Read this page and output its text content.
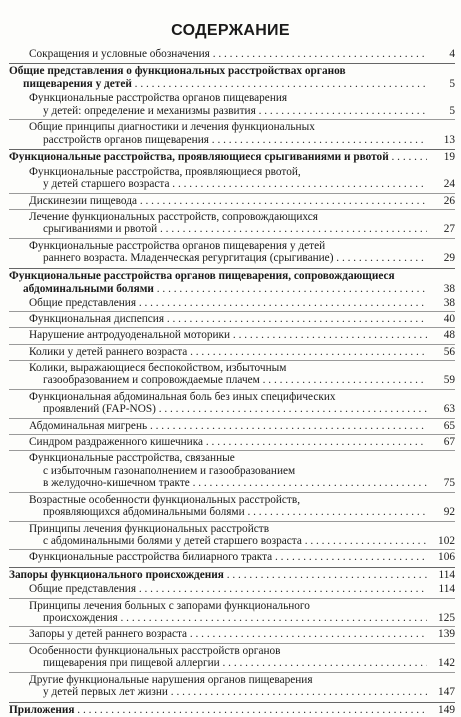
СОДЕРЖАНИЕ
Сокращения и условные обозначения . . .	4
Общие представления о функциональных расстройствах органов
пищеварения у детей . . .	5
Функциональные расстройства органов пищеварения
у детей: определение и механизмы развития . . .	5
Общие принципы диагностики и лечения функциональных
расстройств органов пищеварения . . .	13
Функциональные расстройства, проявляющиеся срыгиваниями и рвотой . . .	19
Функциональные расстройства, проявляющиеся рвотой,
у детей старшего возраста . . .	24
Дискинезии пищевода . . .	26
Лечение функциональных расстройств, сопровождающихся
срыгиваниями и рвотой . . .	27
Функциональные расстройства органов пищеварения у детей
раннего возраста. Младенческая регургитация (срыгивание) . . .	29
Функциональные расстройства органов пищеварения, сопровождающиеся
абдоминальными болями . . .	38
Общие представления . . .	38
Функциональная диспепсия . . .	40
Нарушение антродуоденальной моторики . . .	48
Колики у детей раннего возраста . . .	56
Колики, выражающиеся беспокойством, избыточным
газообразованием и сопровождаемые плачем . . .	59
Функциональная абдоминальная боль без иных специфических
проявлений (FAP-NOS) . . .	63
Абдоминальная мигрень . . .	65
Синдром раздраженного кишечника . . .	67
Функциональные расстройства, связанные
с избыточным газонаполнением и газообразованием
в желудочно-кишечном тракте . . .	75
Возрастные особенности функциональных расстройств,
проявляющихся абдоминальными болями . . .	92
Принципы лечения функциональных расстройств
с абдоминальными болями у детей старшего возраста . . .	102
Функциональные расстройства билиарного тракта . . .	106
Запоры функционального происхождения . . .	114
Общие представления . . .	114
Принципы лечения больных с запорами функционального
происхождения . . .	125
Запоры у детей раннего возраста . . .	139
Особенности функциональных расстройств органов
пищеварения при пищевой аллергии . . .	142
Другие функциональные нарушения органов пищеварения
у детей первых лет жизни . . .	147
Приложения . . .	149
